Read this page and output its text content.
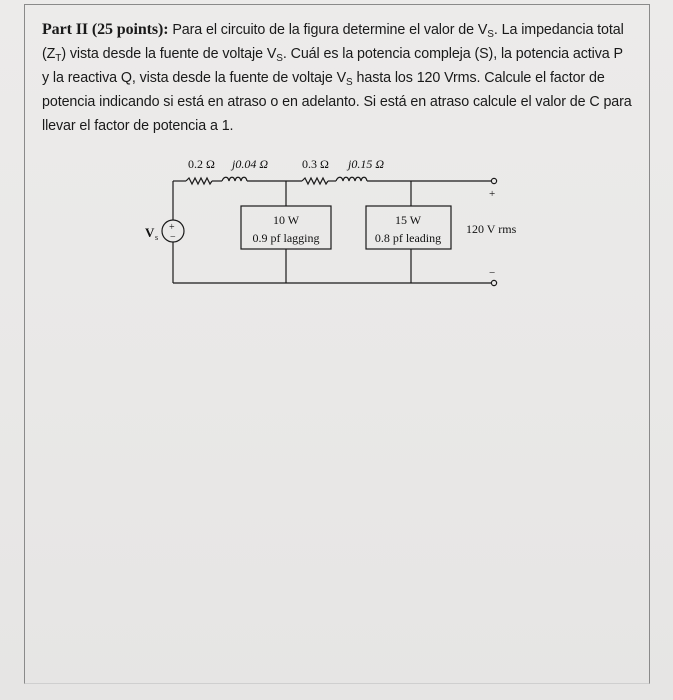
Part II (25 points): Para el circuito de la figura determine el valor de $V_S$. La impedancia total $(Z_T)$ vista desde la fuente de voltaje $V_S$. Cuál es la potencia compleja (S), la potencia activa P y la reactiva Q, vista desde la fuente de voltaje $V_S$ hasta los 120 Vrms. Calcule el factor de potencia indicando si está en atraso o en adelanto. Si está en atraso calcule el valor de C para llevar el factor de potencia a 1.
0.2 Ω j0.04 Ω	0.3 Ω j0.15 Ω
V s
+
−
10 W
0.9 pf lagging
15 W
0.8 pf leading
+
−
120 V rms
